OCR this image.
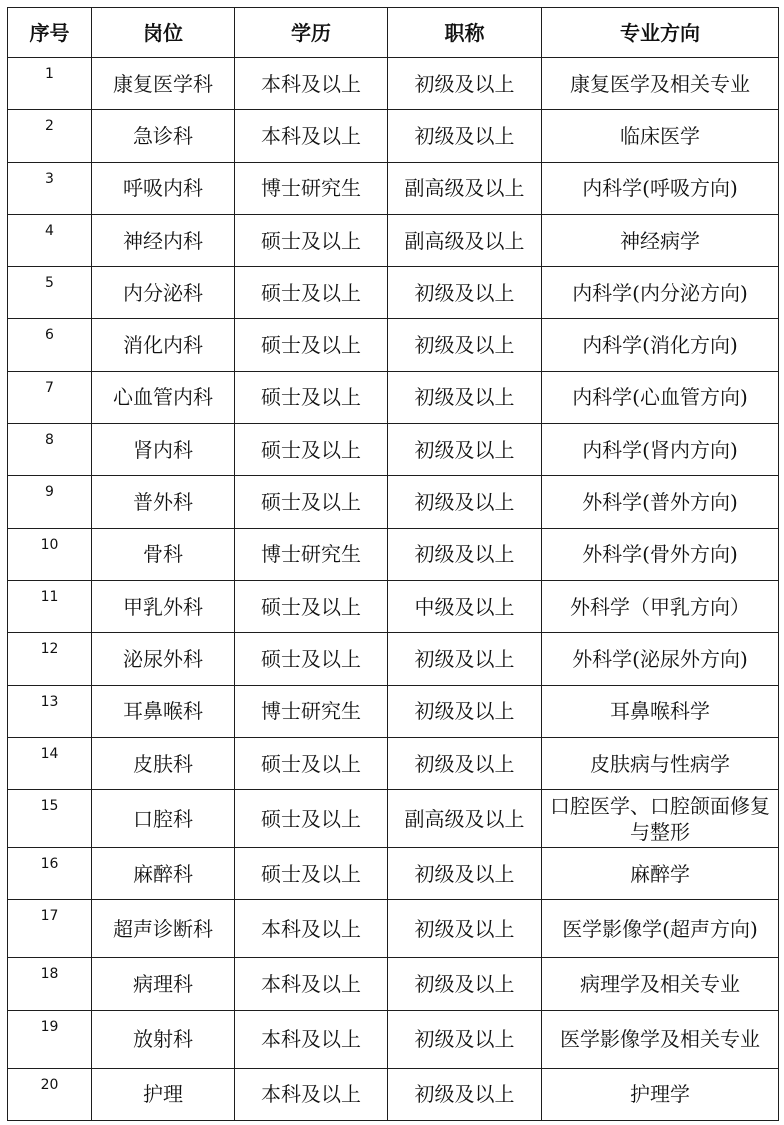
序号	岗位	学历	职称	专业方向
1	康复医学科	本科及以上	初级及以上	康复医学及相关专业
2	急诊科	本科及以上	初级及以上	临床医学
3	呼吸内科	博士研究生	副高级及以上	内科学(呼吸方向)
4	神经内科	硕士及以上	副高级及以上	神经病学
5	内分泌科	硕士及以上	初级及以上	内科学(内分泌方向)
6	消化内科	硕士及以上	初级及以上	内科学(消化方向)
7	心血管内科	硕士及以上	初级及以上	内科学(心血管方向)
8	肾内科	硕士及以上	初级及以上	内科学(肾内方向)
9	普外科	硕士及以上	初级及以上	外科学(普外方向)
10	骨科	博士研究生	初级及以上	外科学(骨外方向)
11	甲乳外科	硕士及以上	中级及以上	外科学（甲乳方向）
12	泌尿外科	硕士及以上	初级及以上	外科学(泌尿外方向)
13	耳鼻喉科	博士研究生	初级及以上	耳鼻喉科学
14	皮肤科	硕士及以上	初级及以上	皮肤病与性病学
15	口腔科	硕士及以上	副高级及以上	口腔医学、口腔颌面修复与整形
16	麻醉科	硕士及以上	初级及以上	麻醉学
17	超声诊断科	本科及以上	初级及以上	医学影像学(超声方向)
18	病理科	本科及以上	初级及以上	病理学及相关专业
19	放射科	本科及以上	初级及以上	医学影像学及相关专业
20	护理	本科及以上	初级及以上	护理学
